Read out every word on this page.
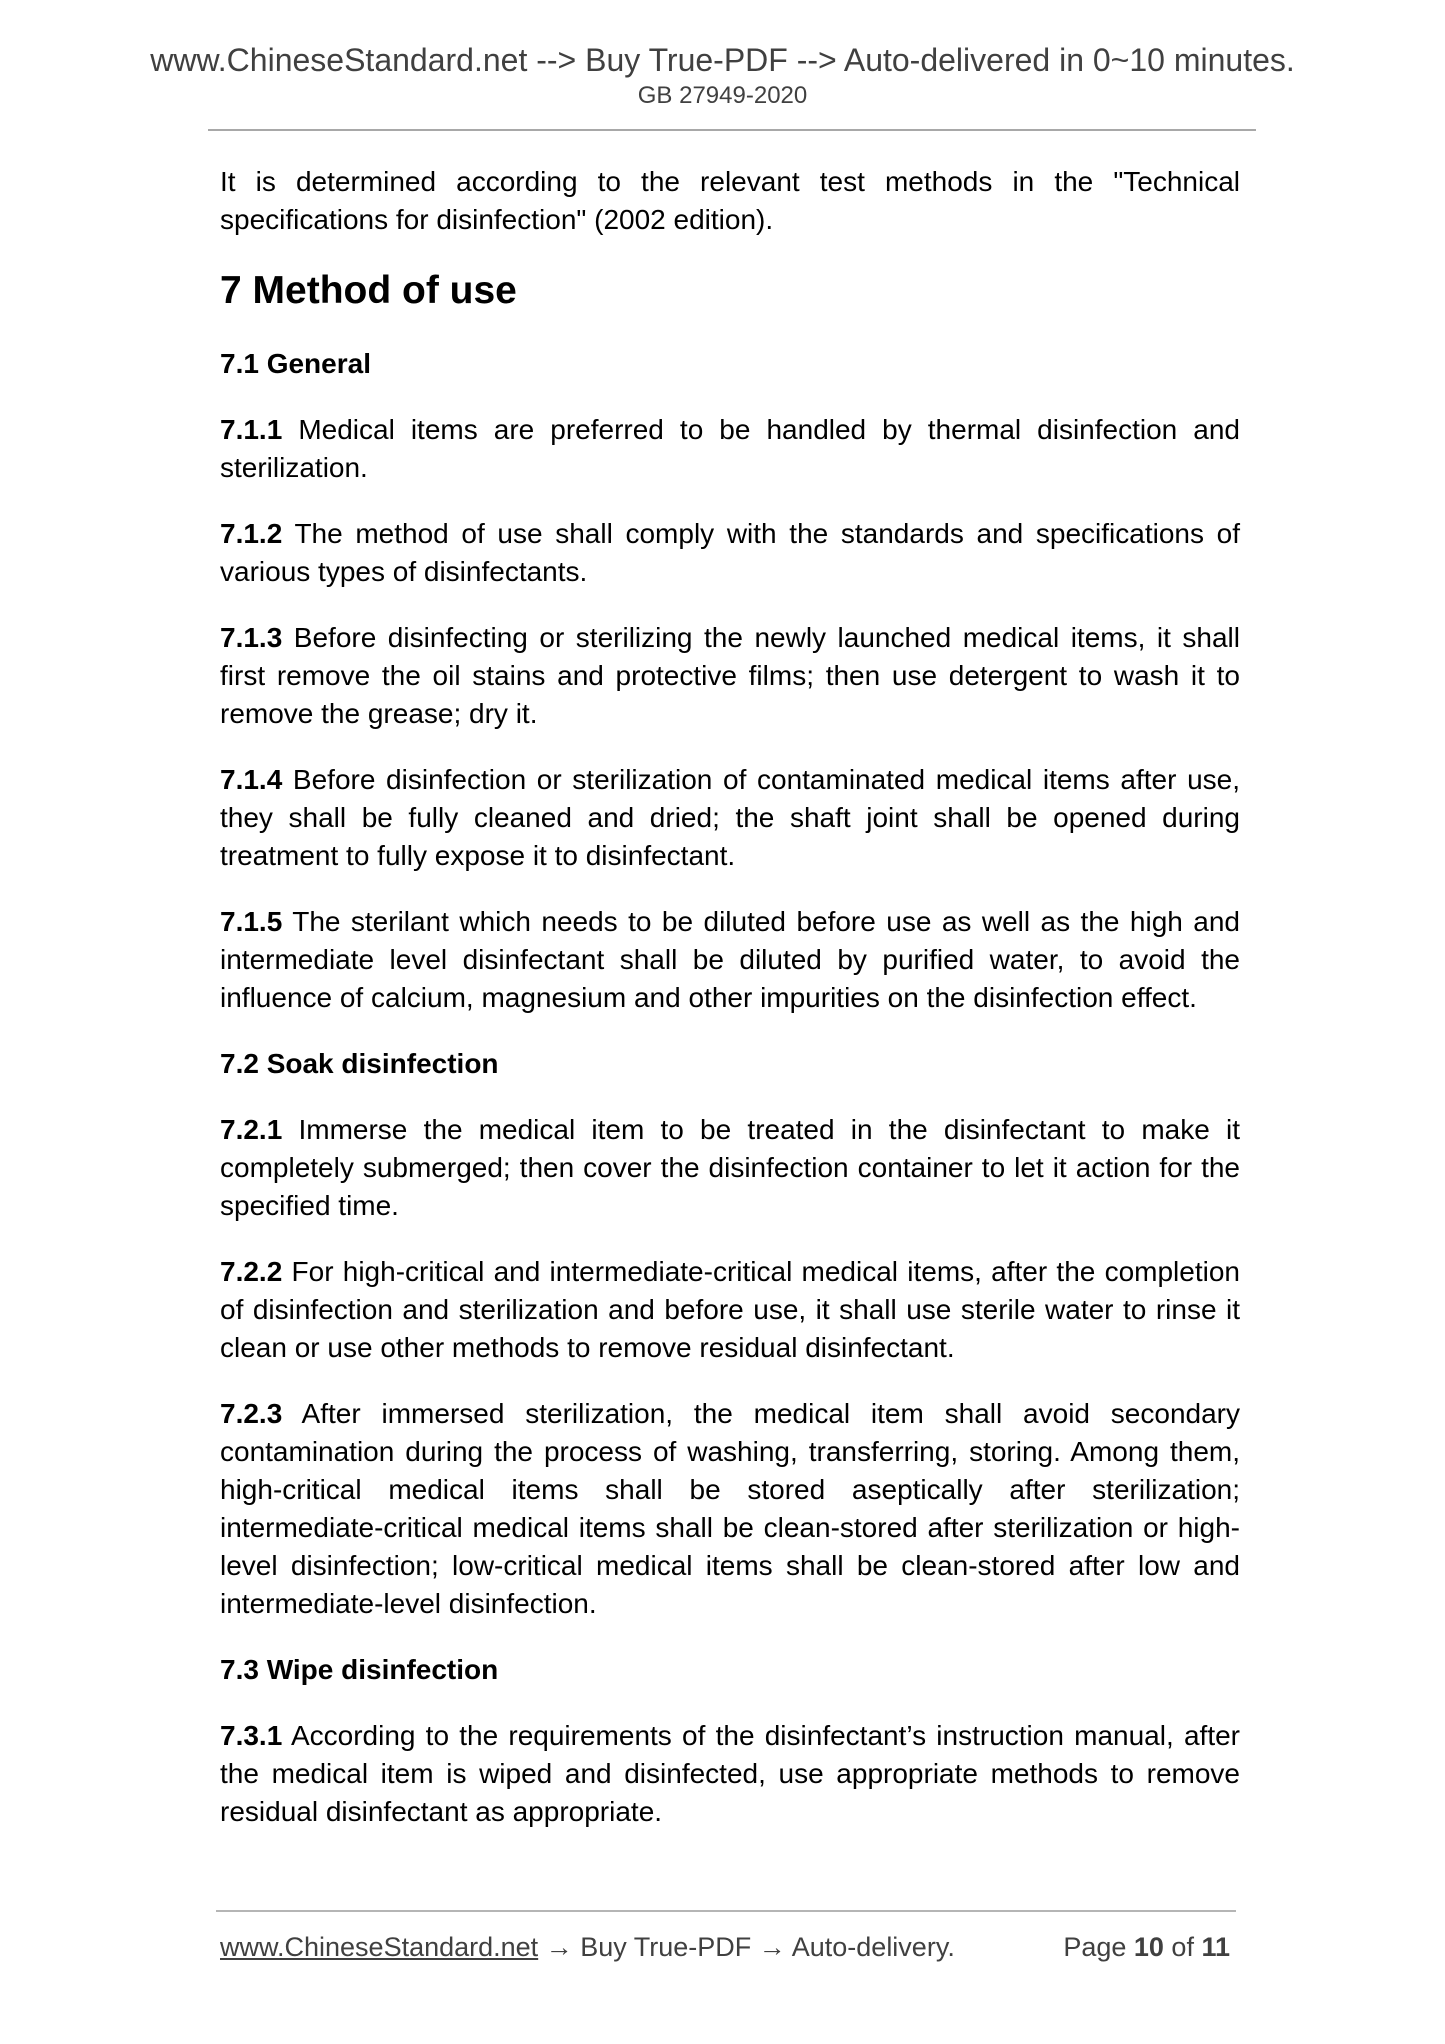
www.ChineseStandard.net --> Buy True-PDF --> Auto-delivered in 0~10 minutes.
GB 27949-2020

It is determined according to the relevant test methods in the "Technical specifications for disinfection" (2002 edition).

7 Method of use
7.1 General

7.1.1 Medical items are preferred to be handled by thermal disinfection and sterilization.

7.1.2 The method of use shall comply with the standards and specifications of various types of disinfectants.

7.1.3 Before disinfecting or sterilizing the newly launched medical items, it shall first remove the oil stains and protective films; then use detergent to wash it to remove the grease; dry it.

7.1.4 Before disinfection or sterilization of contaminated medical items after use, they shall be fully cleaned and dried; the shaft joint shall be opened during treatment to fully expose it to disinfectant.

7.1.5 The sterilant which needs to be diluted before use as well as the high and intermediate level disinfectant shall be diluted by purified water, to avoid the influence of calcium, magnesium and other impurities on the disinfection effect.

7.2 Soak disinfection

7.2.1 Immerse the medical item to be treated in the disinfectant to make it completely submerged; then cover the disinfection container to let it action for the specified time.

7.2.2 For high-critical and intermediate-critical medical items, after the completion of disinfection and sterilization and before use, it shall use sterile water to rinse it clean or use other methods to remove residual disinfectant.

7.2.3 After immersed sterilization, the medical item shall avoid secondary contamination during the process of washing, transferring, storing. Among them, high-critical medical items shall be stored aseptically after sterilization; intermediate-critical medical items shall be clean-stored after sterilization or high-level disinfection; low-critical medical items shall be clean-stored after low and intermediate-level disinfection.

7.3 Wipe disinfection

7.3.1 According to the requirements of the disinfectant’s instruction manual, after the medical item is wiped and disinfected, use appropriate methods to remove residual disinfectant as appropriate.

www.ChineseStandard.net → Buy True-PDF → Auto-delivery.	Page 10 of 11
